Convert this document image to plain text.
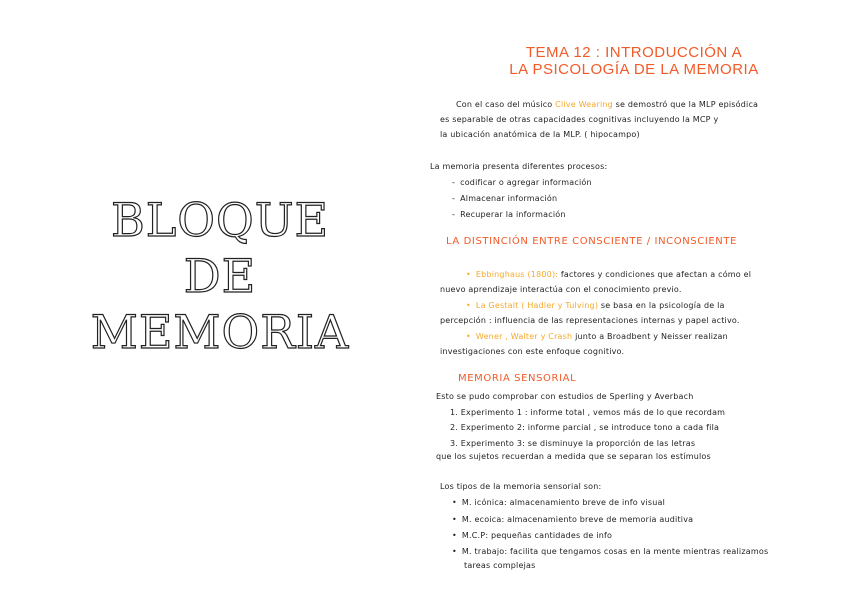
BLOQUE
DE
MEMORIA
TEMA 12 : INTRODUCCIÓN A
LA PSICOLOGÍA DE LA MEMORIA
Con el caso del músico Clive Wearing se demostró que la MLP episódica
es separable de otras capacidades cognitivas incluyendo la MCP y
la ubicación anatómica de la MLP. ( hipocampo)
La memoria presenta diferentes procesos:
- codificar o agregar información
- Almacenar información
- Recuperar la información
LA DISTINCIÓN ENTRE CONSCIENTE / INCONSCIENTE
• Ebbinghaus (1800): factores y condiciones que afectan a cómo el
nuevo aprendizaje interactúa con el conocimiento previo.
• La Gestalt ( Hadler y Tulving) se basa en la psicología de la
percepción : influencia de las representaciones internas y papel activo.
• Wener , Walter y Crash junto a Broadbent y Neisser realizan
investigaciones con este enfoque cognitivo.
MEMORIA SENSORIAL
Esto se pudo comprobar con estudios de Sperling y Averbach
1. Experimento 1 : informe total , vemos más de lo que recordam
2. Experimento 2: informe parcial , se introduce tono a cada fila
3. Experimento 3: se disminuye la proporción de las letras
que los sujetos recuerdan a medida que se separan los estímulos
Los tipos de la memoria sensorial son:
• M. icónica: almacenamiento breve de info visual
• M. ecoica: almacenamiento breve de memoria auditiva
• M.C.P: pequeñas cantidades de info
• M. trabajo: facilita que tengamos cosas en la mente mientras realizamos
tareas complejas
